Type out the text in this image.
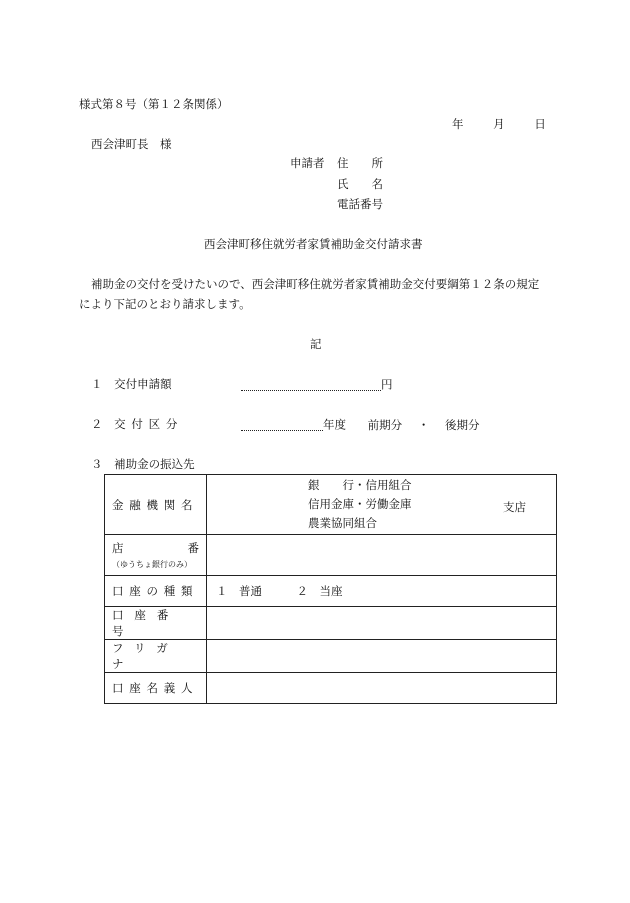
様式第８号（第１２条関係）
年	月	日
西会津町長　様
申請者 住　　所
氏　　名
電話番号
西会津町移住就労者家賃補助金交付請求書
補助金の交付を受けたいので、西会津町移住就労者家賃補助金交付要綱第１２条の規定
により下記のとおり請求します。
記
１ 交付申請額	円
２ 交付区分	年度 前期分 ・ 後期分
３ 補助金の振込先
金融機関名	銀　　行・信用組合
信用金庫・労働金庫
農業協同組合
支店

店 番
（ゆうちょ銀行のみ）	

口座の種類	１　普通　　　２　当座
口座番号	
フリガナ	
口座名義人	
